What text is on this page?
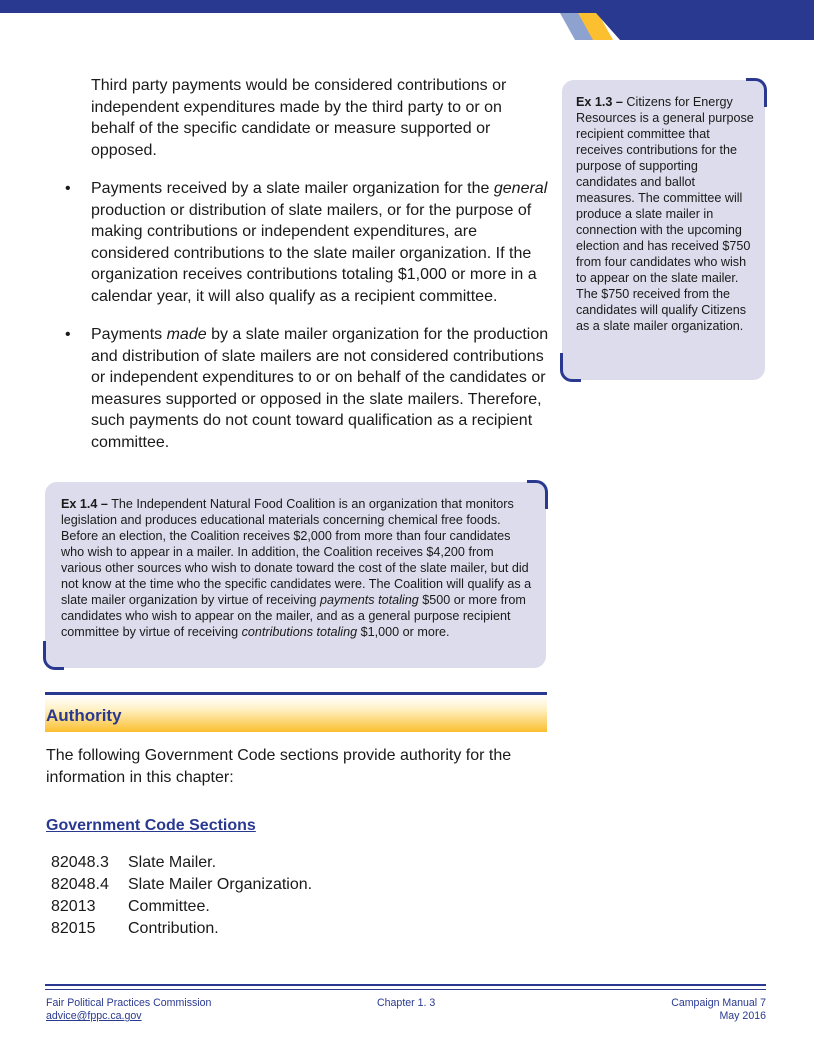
Third party payments would be considered contributions or independent expenditures made by the third party to or on behalf of the specific candidate or measure supported or opposed.

• Payments received by a slate mailer organization for the general production or distribution of slate mailers, or for the purpose of making contributions or independent expenditures, are considered contributions to the slate mailer organization. If the organization receives contributions totaling $1,000 or more in a calendar year, it will also qualify as a recipient committee.
• Payments made by a slate mailer organization for the production and distribution of slate mailers are not considered contributions or independent expenditures to or on behalf of the candidates or measures supported or opposed in the slate mailers. Therefore, such payments do not count toward qualification as a recipient committee.

Ex 1.3 – Citizens for Energy Resources is a general purpose recipient committee that receives contributions for the purpose of supporting candidates and ballot measures. The committee will produce a slate mailer in connection with the upcoming election and has received $750 from four candidates who wish to appear on the slate mailer. The $750 received from the candidates will qualify Citizens as a slate mailer organization.

Ex 1.4 – The Independent Natural Food Coalition is an organization that monitors legislation and produces educational materials concerning chemical free foods. Before an election, the Coalition receives $2,000 from more than four candidates who wish to appear in a mailer. In addition, the Coalition receives $4,200 from various other sources who wish to donate toward the cost of the slate mailer, but did not know at the time who the specific candidates were. The Coalition will qualify as a slate mailer organization by virtue of receiving payments totaling $500 or more from candidates who wish to appear on the mailer, and as a general purpose recipient committee by virtue of receiving contributions totaling $1,000 or more.

Authority

The following Government Code sections provide authority for the information in this chapter:

Government Code Sections
82048.3 Slate Mailer.
82048.4 Slate Mailer Organization.
82013 Committee.
82015 Contribution.
Fair Political Practices Commission
advice@fppc.ca.gov
Chapter 1. 3	Campaign Manual 7
May 2016
